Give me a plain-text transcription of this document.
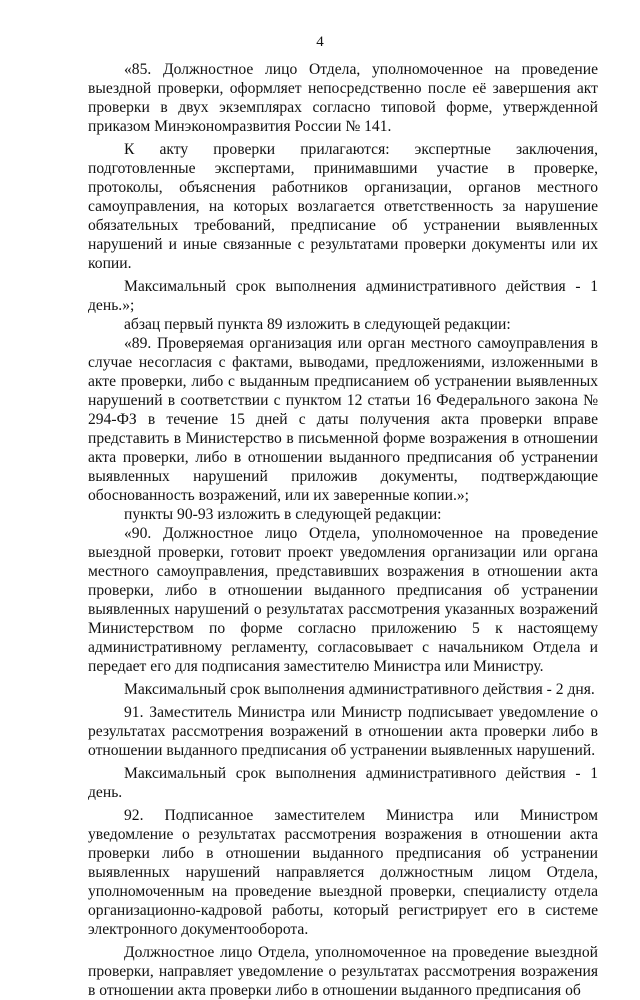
4

«85. Должностное лицо Отдела, уполномоченное на проведение выездной проверки, оформляет непосредственно после её завершения акт проверки в двух экземплярах согласно типовой форме, утвержденной приказом Минэкономразвития России № 141.

К акту проверки прилагаются: экспертные заключения, подготовленные экспертами, принимавшими участие в проверке, протоколы, объяснения работников организации, органов местного самоуправления, на которых возлагается ответственность за нарушение обязательных требований, предписание об устранении выявленных нарушений и иные связанные с результатами проверки документы или их копии.

Максимальный срок выполнения административного действия - 1 день.»;

абзац первый пункта 89 изложить в следующей редакции:

«89. Проверяемая организация или орган местного самоуправления в случае несогласия с фактами, выводами, предложениями, изложенными в акте проверки, либо с выданным предписанием об устранении выявленных нарушений в соответствии с пунктом 12 статьи 16 Федерального закона № 294-ФЗ в течение 15 дней с даты получения акта проверки вправе представить в Министерство в письменной форме возражения в отношении акта проверки, либо в отношении выданного предписания об устранении выявленных нарушений приложив документы, подтверждающие обоснованность возражений, или их заверенные копии.»;

пункты 90-93 изложить в следующей редакции:

«90. Должностное лицо Отдела, уполномоченное на проведение выездной проверки, готовит проект уведомления организации или органа местного самоуправления, представивших возражения в отношении акта проверки, либо в отношении выданного предписания об устранении выявленных нарушений о результатах рассмотрения указанных возражений Министерством по форме согласно приложению 5 к настоящему административному регламенту, согласовывает с начальником Отдела и передает его для подписания заместителю Министра или Министру.

Максимальный срок выполнения административного действия - 2 дня.

91. Заместитель Министра или Министр подписывает уведомление о результатах рассмотрения возражений в отношении акта проверки либо в отношении выданного предписания об устранении выявленных нарушений.

Максимальный срок выполнения административного действия - 1 день.

92. Подписанное заместителем Министра или Министром уведомление о результатах рассмотрения возражения в отношении акта проверки либо в отношении выданного предписания об устранении выявленных нарушений направляется должностным лицом Отдела, уполномоченным на проведение выездной проверки, специалисту отдела организационно-кадровой работы, который регистрирует его в системе электронного документооборота.

Должностное лицо Отдела, уполномоченное на проведение выездной проверки, направляет уведомление о результатах рассмотрения возражения в отношении акта проверки либо в отношении выданного предписания об
